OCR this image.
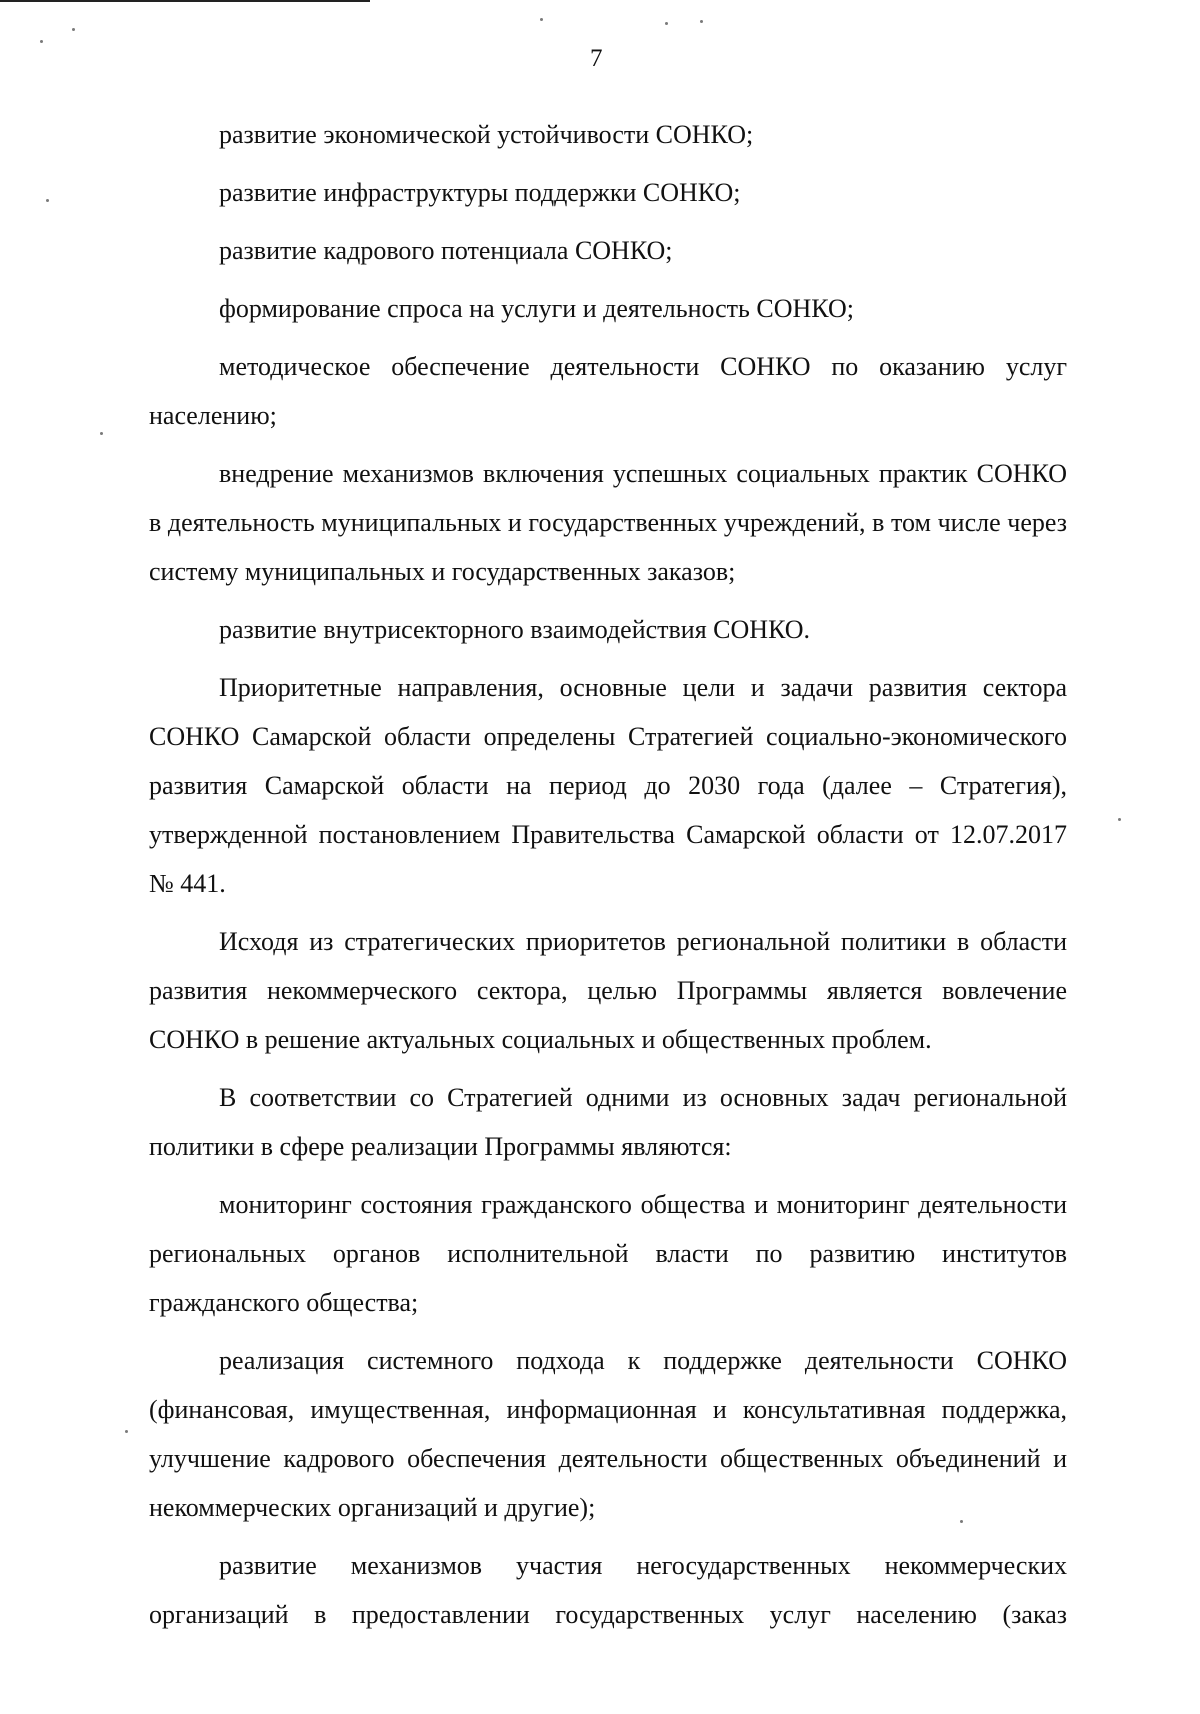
7

развитие экономической устойчивости СОНКО;

развитие инфраструктуры поддержки СОНКО;

развитие кадрового потенциала СОНКО;

формирование спроса на услуги и деятельность СОНКО;

методическое обеспечение деятельности СОНКО по оказанию услуг населению;

внедрение механизмов включения успешных социальных практик СОНКО в деятельность муниципальных и государственных учреждений, в том числе через систему муниципальных и государственных заказов;

развитие внутрисекторного взаимодействия СОНКО.

Приоритетные направления, основные цели и задачи развития сектора СОНКО Самарской области определены Стратегией социально-экономического развития Самарской области на период до 2030 года (далее – Стратегия), утвержденной постановлением Правительства Самарской области от 12.07.2017 № 441.

Исходя из стратегических приоритетов региональной политики в области развития некоммерческого сектора, целью Программы является вовлечение СОНКО в решение актуальных социальных и общественных проблем.

В соответствии со Стратегией одними из основных задач региональной политики в сфере реализации Программы являются:

мониторинг состояния гражданского общества и мониторинг деятельности региональных органов исполнительной власти по развитию институтов гражданского общества;

реализация системного подхода к поддержке деятельности СОНКО (финансовая, имущественная, информационная и консультативная поддержка, улучшение кадрового обеспечения деятельности общественных объединений и некоммерческих организаций и другие);

развитие механизмов участия негосударственных некоммерческих организаций в предоставлении государственных услуг населению (заказ
